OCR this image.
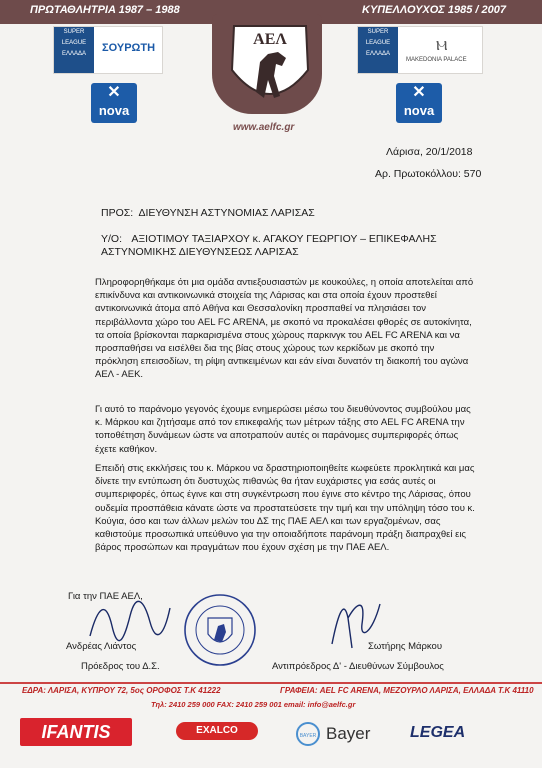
ΠΡΩΤΑΘΛΗΤΡΙΑ 1987 – 1988	ΚΥΠΕΛΛΟΥΧΟΣ 1985 / 2007
ΑΕΛ
www.aelfc.gr
SUPER
LEAGUE
ΕΛΛΑΔΑ	ΣΟΥΡΩΤΗ
✕
nova
SUPER
LEAGUE
ΕΛΛΑΔΑ
Ⲙ
MAKEDONIA PALACE
✕
nova
Λάρισα, 20/1/2018
Αρ. Πρωτοκόλλου: 570
ΠΡΟΣ: ΔΙΕΥΘΥΝΣΗ ΑΣΤΥΝΟΜΙΑΣ ΛΑΡΙΣΑΣ
Υ/Ο: ΑΞΙΟΤΙΜΟΥ ΤΑΞΙΑΡΧΟΥ κ. ΑΓΑΚΟΥ ΓΕΩΡΓΙΟΥ – ΕΠΙΚΕΦΑΛΗΣ ΑΣΤΥΝΟΜΙΚΗΣ ΔΙΕΥΘΥΝΣΕΩΣ ΛΑΡΙΣΑΣ

Πληροφορηθήκαμε ότι μια ομάδα αντιεξουσιαστών με κουκούλες, η οποία αποτελείται από επικίνδυνα και αντικοινωνικά στοιχεία της Λάρισας και στα οποία έχουν προστεθεί αντικοινωνικά άτομα από Αθήνα και Θεσσαλονίκη προσπαθεί να πλησιάσει τον περιβάλλοντα χώρο του AEL FC ARENA, με σκοπό να προκαλέσει φθορές σε αυτοκίνητα, τα οποία βρίσκονται παρκαρισμένα στους χώρους παρκινγκ του AEL FC ARENA και να προσπαθήσει να εισέλθει δια της βίας στους χώρους των κερκίδων με σκοπό την πρόκληση επεισοδίων, τη ρίψη αντικειμένων και εάν είναι δυνατόν τη διακοπή του αγώνα ΑΕΛ - ΑΕΚ.

Γι αυτό το παράνομο γεγονός έχουμε ενημερώσει μέσω του διευθύνοντος συμβούλου μας κ. Μάρκου και ζητήσαμε από τον επικεφαλής των μέτρων τάξης στο AEL FC ARENA την τοποθέτηση δυνάμεων ώστε να αποτραπούν αυτές οι παράνομες συμπεριφορές όπως έχετε καθήκον.

Επειδή στις εκκλήσεις του κ. Μάρκου να δραστηριοποιηθείτε κωφεύετε προκλητικά και μας δίνετε την εντύπωση ότι δυστυχώς πιθανώς θα ήταν ευχάριστες για εσάς αυτές οι συμπεριφορές, όπως έγινε και στη συγκέντρωση που έγινε στο κέντρο της Λάρισας, όπου ουδεμία προσπάθεια κάνατε ώστε να προστατεύσετε την τιμή και την υπόληψη τόσο του κ. Κούγια, όσο και των άλλων μελών του ΔΣ της ΠΑΕ ΑΕΛ και των εργαζομένων, σας καθιστούμε προσωπικά υπεύθυνο για την οποιαδήποτε παράνομη πράξη διαπραχθεί εις βάρος προσώπων και πραγμάτων που έχουν σχέση με την ΠΑΕ ΑΕΛ.

Για την ΠΑΕ ΑΕΛ,
Ανδρέας Λιάντος
Πρόεδρος του Δ.Σ.
Σωτήρης Μάρκου
Αντιπρόεδρος Δ' - Διευθύνων Σύμβουλος
ΕΔΡΑ: ΛΑΡΙΣΑ, ΚΥΠΡΟΥ 72, 5ος ΟΡΟΦΟΣ Τ.Κ 41222	ΓΡΑΦΕΙΑ: AEL FC ARENA, ΜΕΖΟΥΡΛΟ ΛΑΡΙΣΑ, ΕΛΛΑΔΑ Τ.Κ 41110
Τηλ: 2410 259 000 FAX: 2410 259 001 email: info@aelfc.gr
IFANTIS	EXALCO	BAYER Bayer LEGEA
